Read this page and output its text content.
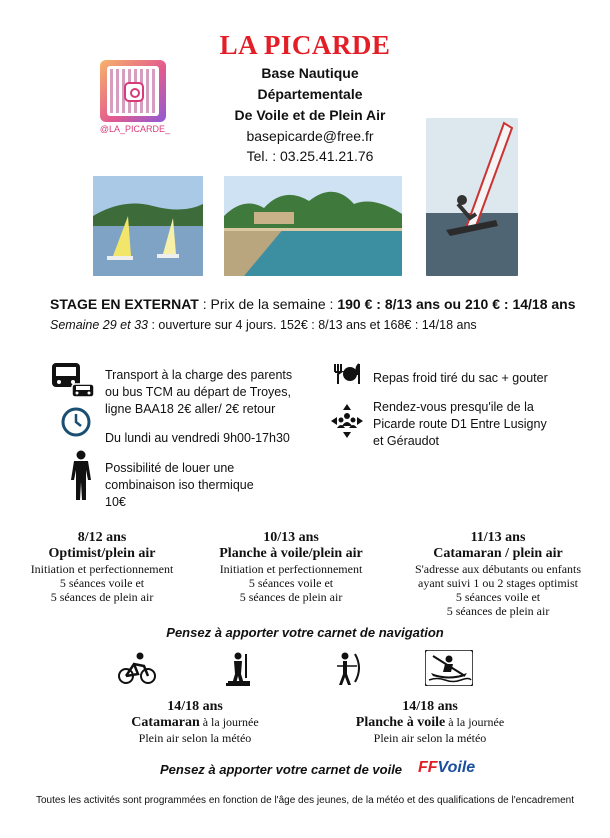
LA PICARDE
Base Nautique
Départementale
De Voile et de Plein Air
basepicarde@free.fr
Tel. : 03.25.41.21.76
@LA_PICARDE_
STAGE EN EXTERNAT : Prix de la semaine : 190 € : 8/13 ans ou 210 € : 14/18 ans
Semaine 29 et 33 : ouverture sur 4 jours. 152€ : 8/13 ans et 168€ : 14/18 ans
Transport à la charge des parents ou bus TCM au départ de Troyes, ligne BAA18 2€ aller/ 2€ retour
Du lundi au vendredi 9h00-17h30
Possibilité de louer une combinaison iso thermique 10€
Repas froid tiré du sac + gouter
Rendez-vous presqu'ile de la Picarde route D1 Entre Lusigny et Géraudot
8/12 ans
Optimist/plein air
Initiation et perfectionnement
5 séances voile et
5 séances de plein air
10/13 ans
Planche à voile/plein air
Initiation et perfectionnement
5 séances voile et
5 séances de plein air
11/13 ans
Catamaran / plein air
S'adresse aux débutants ou enfants
ayant suivi 1 ou 2 stages optimist
5 séances voile et
5 séances de plein air
Pensez à apporter votre carnet de navigation
14/18 ans
Catamaran à la journée
Plein air selon la météo
14/18 ans
Planche à voile à la journée
Plein air selon la météo
Pensez à apporter votre carnet de voile FFVoile
Toutes les activités sont programmées en fonction de l'âge des jeunes, de la météo et des qualifications de l'encadrement
